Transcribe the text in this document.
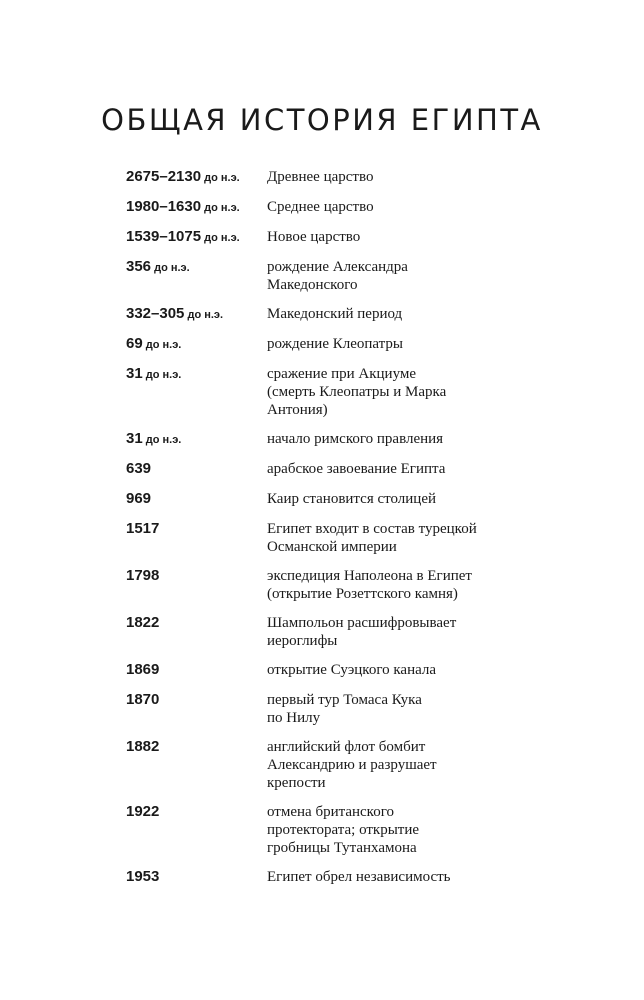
ОБЩАЯ ИСТОРИЯ ЕГИПТА
2675–2130 до н.э.	Древнее царство
1980–1630 до н.э.	Среднее царство
1539–1075 до н.э.	Новое царство
356 до н.э.	рождение Александра
Македонского
332–305 до н.э.	Македонский период
69 до н.э.	рождение Клеопатры
31 до н.э.	сражение при Акциуме
(смерть Клеопатры и Марка
Антония)
31 до н.э.	начало римского правления
639	арабское завоевание Египта
969	Каир становится столицей
1517	Египет входит в состав турецкой
Османской империи
1798	экспедиция Наполеона в Египет
(открытие Розеттского камня)
1822	Шампольон расшифровывает
иероглифы
1869	открытие Суэцкого канала
1870	первый тур Томаса Кука
по Нилу
1882	английский флот бомбит
Александрию и разрушает
крепости
1922	отмена британского
протектората; открытие
гробницы Тутанхамона
1953	Египет обрел независимость
